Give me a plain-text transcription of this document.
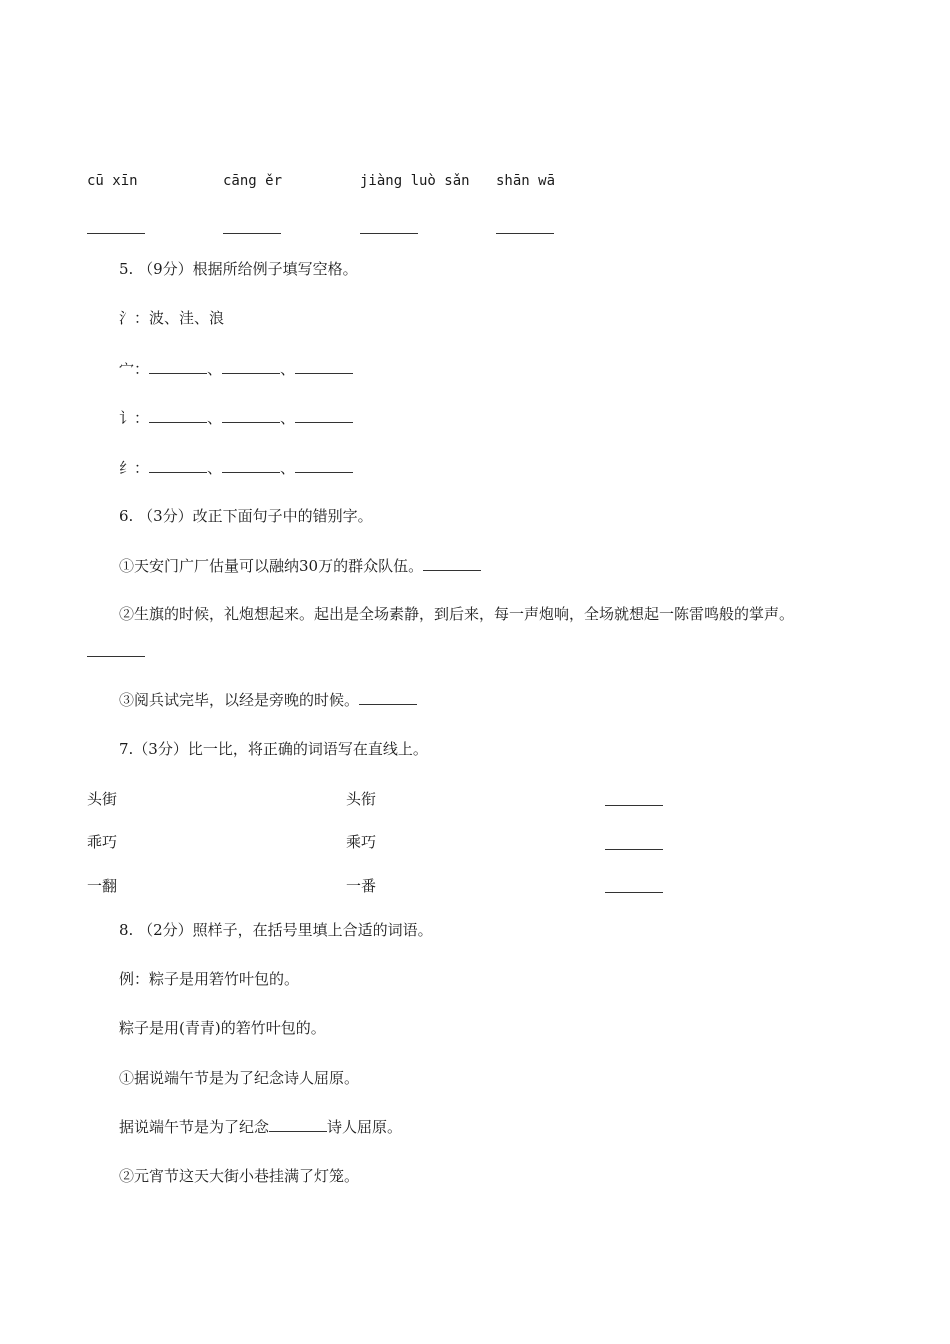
cū xīn	cāng ěr	jiàng luò sǎn shān wā
5. （9分）根据所给例子填写空格。
氵：波、洼、浪
宀：	、	、
讠：	、	、
纟：	、	、
6. （3分）改正下面句子中的错别字。
①天安门广厂估量可以融纳30万的群众队伍。
②生旗的时候，礼炮想起来。起出是全场素静，到后来，每一声炮响，全场就想起一陈雷鸣般的掌声。
③阅兵试完毕，以经是旁晚的时候。
7.（3分）比一比，将正确的词语写在直线上。
头街	头衔
乖巧	乘巧
一翻	一番
8. （2分）照样子，在括号里填上合适的词语。
例：粽子是用箬竹叶包的。
粽子是用(青青)的箬竹叶包的。
①据说端午节是为了纪念诗人屈原。
据说端午节是为了纪念	诗人屈原。
②元宵节这天大街小巷挂满了灯笼。
